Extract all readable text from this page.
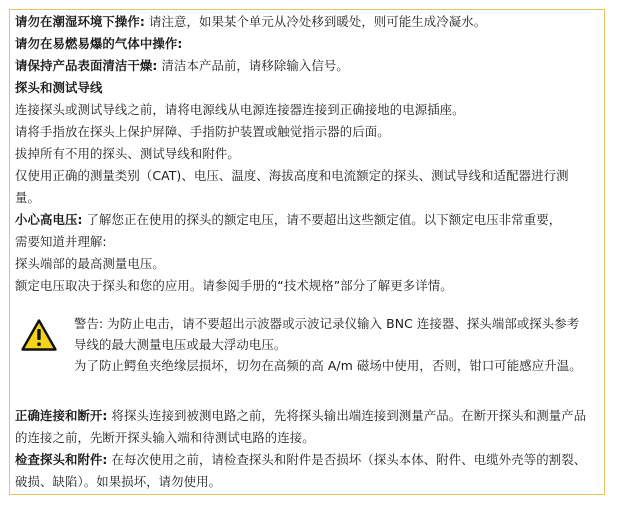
请勿在潮湿环境下操作: 请注意，如果某个单元从冷处移到暖处，则可能生成冷凝水。
请勿在易燃易爆的气体中操作:
请保持产品表面清洁干燥: 清洁本产品前，请移除输入信号。
探头和测试导线
连接探头或测试导线之前，请将电源线从电源连接器连接到正确接地的电源插座。
请将手指放在探头上保护屏障、手指防护装置或触觉指示器的后面。
拔掉所有不用的探头、测试导线和附件。
仅使用正确的测量类别（CAT)、电压、温度、海拔高度和电流额定的探头、测试导线和适配器进行测
量。
小心高电压: 了解您正在使用的探头的额定电压，请不要超出这些额定值。以下额定电压非常重要，
需要知道并理解:
探头端部的最高测量电压。
额定电压取决于探头和您的应用。请参阅手册的“技术规格”部分了解更多详情。
警告: 为防止电击，请不要超出示波器或示波记录仪输入 BNC 连接器、探头端部或探头参考
导线的最大测量电压或最大浮动电压。
为了防止鳄鱼夹绝缘层损坏，切勿在高频的高 A/m 磁场中使用，否则，钳口可能感应升温。
正确连接和断开: 将探头连接到被测电路之前，先将探头输出端连接到测量产品。在断开探头和测量产品
的连接之前，先断开探头输入端和待测试电路的连接。
检查探头和附件: 在每次使用之前，请检查探头和附件是否损坏（探头本体、附件、电缆外壳等的割裂、
破损、缺陷）。如果损坏，请勿使用。
